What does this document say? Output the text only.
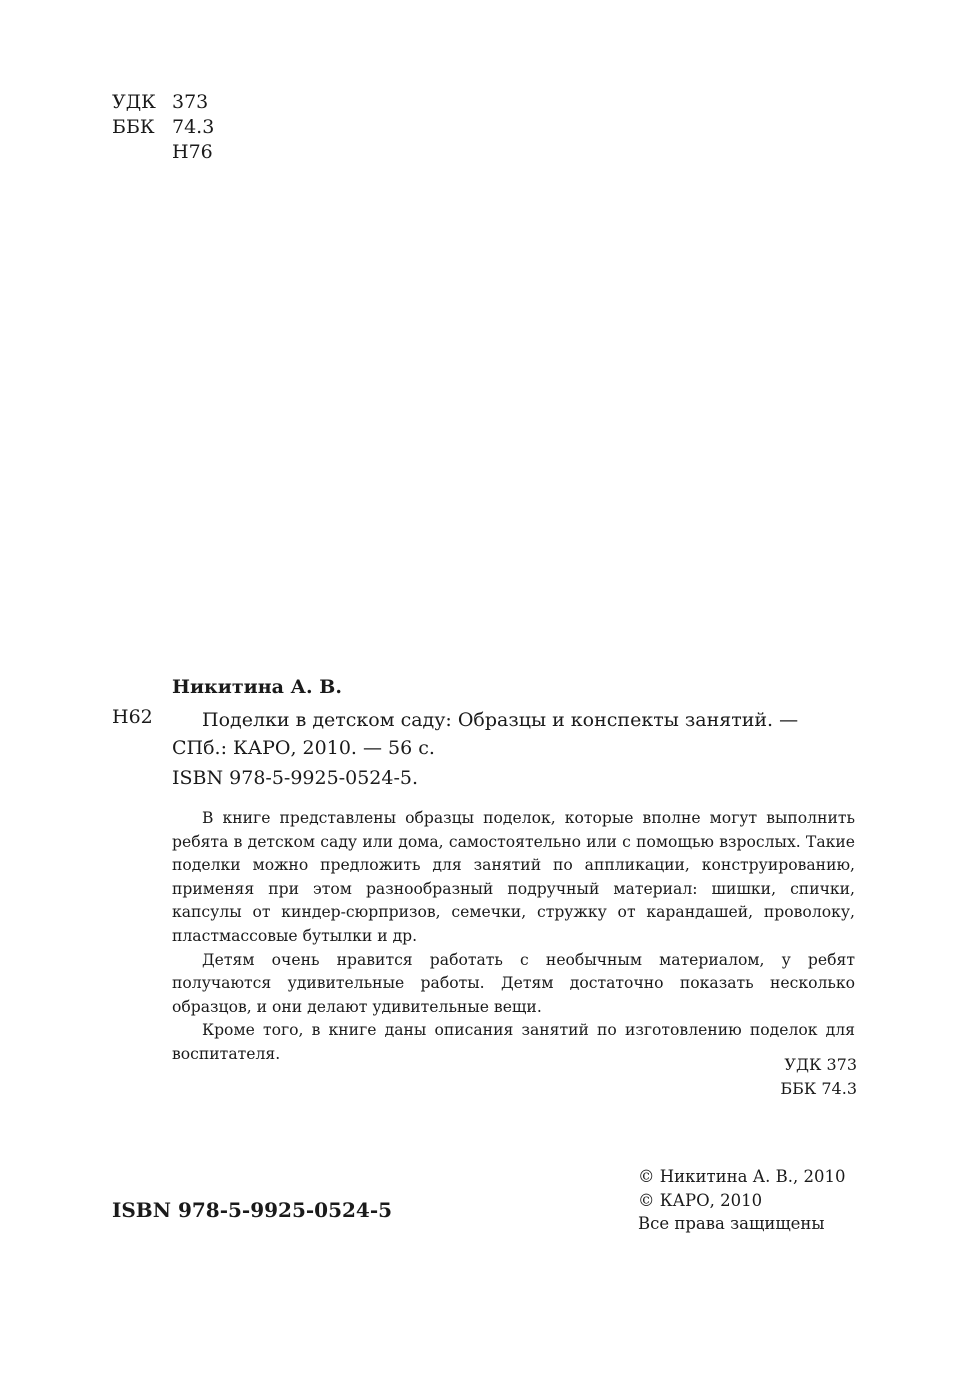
УДК	373
ББК	74.3
	Н76
Никитина А. В.
Н62	Поделки в детском саду: Образцы и конспекты занятий. —
СПб.: КАРО, 2010. — 56 с.
ISBN 978-5-9925-0524-5.

В книге представлены образцы поделок, которые вполне могут выполнить ребята в детском саду или дома, самостоятельно или с помощью взрослых. Такие поделки можно предложить для занятий по аппликации, конструированию, применяя при этом разнообразный подручный материал: шишки, спички, капсулы от киндер-сюрпризов, семечки, стружку от карандашей, проволоку, пластмассовые бутылки и др.

Детям очень нравится работать с необычным материалом, у ребят получаются удивительные работы. Детям достаточно показать несколько образцов, и они делают удивительные вещи.

Кроме того, в книге даны описания занятий по изготовлению поделок для воспитателя.

УДК 373
ББК 74.3
© Никитина А. В., 2010
© КАРО, 2010
Все права защищены
ISBN 978-5-9925-0524-5
